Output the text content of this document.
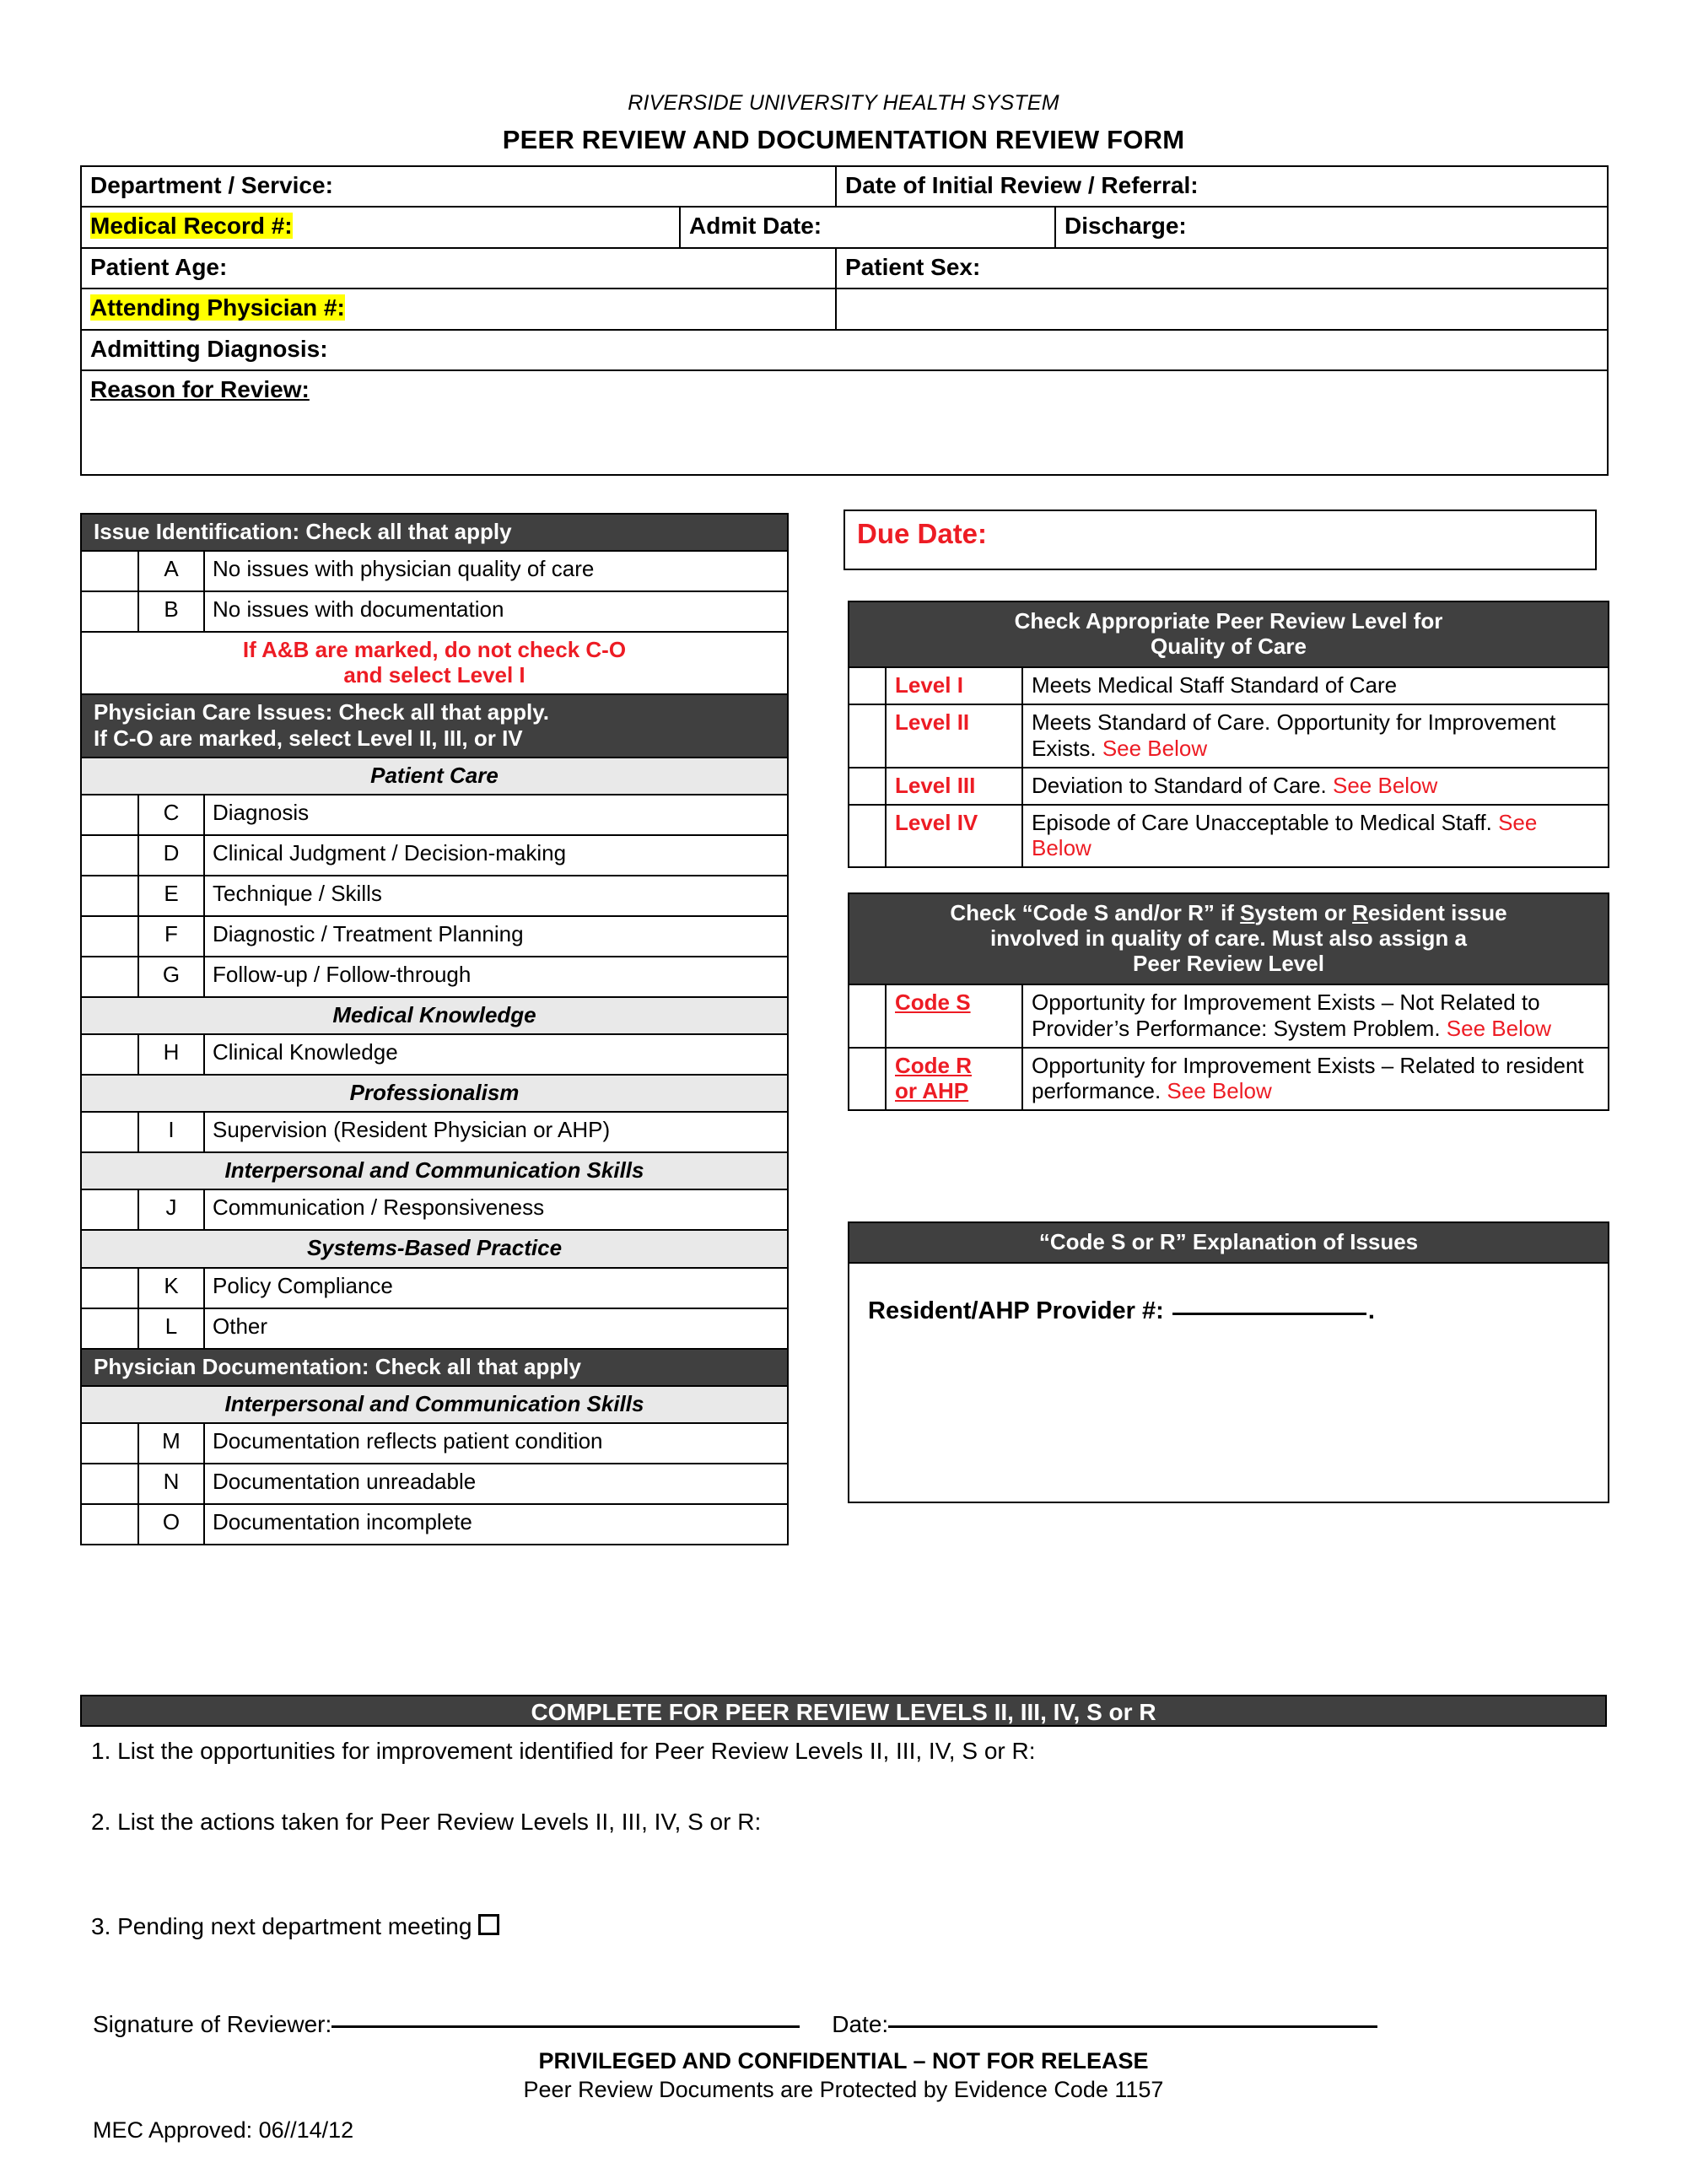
RIVERSIDE UNIVERSITY HEALTH SYSTEM
PEER REVIEW AND DOCUMENTATION REVIEW FORM
Department / Service:		Date of Initial Review / Referral:	
Medical Record #:	Admit Date:		Discharge:
Patient Age:		Patient Sex:	
Attending Physician #:			
Admitting Diagnosis:			
Reason for Review:			
Issue Identification: Check all that apply		
	A	No issues with physician quality of care
	B	No issues with documentation
If A&B are marked, do not check C-O
and select Level I		
Physician Care Issues: Check all that apply.
If C-O are marked, select Level II, III, or IV		
Patient Care		
	C	Diagnosis
	D	Clinical Judgment / Decision-making
	E	Technique / Skills
	F	Diagnostic / Treatment Planning
	G	Follow-up / Follow-through
Medical Knowledge		
	H	Clinical Knowledge
Professionalism		
	I	Supervision (Resident Physician or AHP)
Interpersonal and Communication Skills		
	J	Communication / Responsiveness
Systems-Based Practice		
	K	Policy Compliance
	L	Other
Physician Documentation: Check all that apply		
Interpersonal and Communication Skills		
	M	Documentation reflects patient condition
	N	Documentation unreadable
	O	Documentation incomplete
Due Date:
Check Appropriate Peer Review Level for
Quality of Care		
	Level I	Meets Medical Staff Standard of Care
	Level II	Meets Standard of Care. Opportunity for Improvement Exists. See Below
	Level III	Deviation to Standard of Care. See Below
	Level IV	Episode of Care Unacceptable to Medical Staff. See Below
Check “Code S and/or R” if System or Resident issue
involved in quality of care. Must also assign a
Peer Review Level		
	Code S	Opportunity for Improvement Exists – Not Related to Provider’s Performance: System Problem. See Below
	Code R
or AHP	Opportunity for Improvement Exists – Related to resident performance. See Below
“Code S or R” Explanation of Issues

Resident/AHP Provider #:	.
COMPLETE FOR PEER REVIEW LEVELS II, III, IV, S or R
1. List the opportunities for improvement identified for Peer Review Levels II, III, IV, S or R:
2. List the actions taken for Peer Review Levels II, III, IV, S or R:
3. Pending next department meeting
Signature of Reviewer:	Date:
PRIVILEGED AND CONFIDENTIAL – NOT FOR RELEASE
Peer Review Documents are Protected by Evidence Code 1157
MEC Approved: 06//14/12
